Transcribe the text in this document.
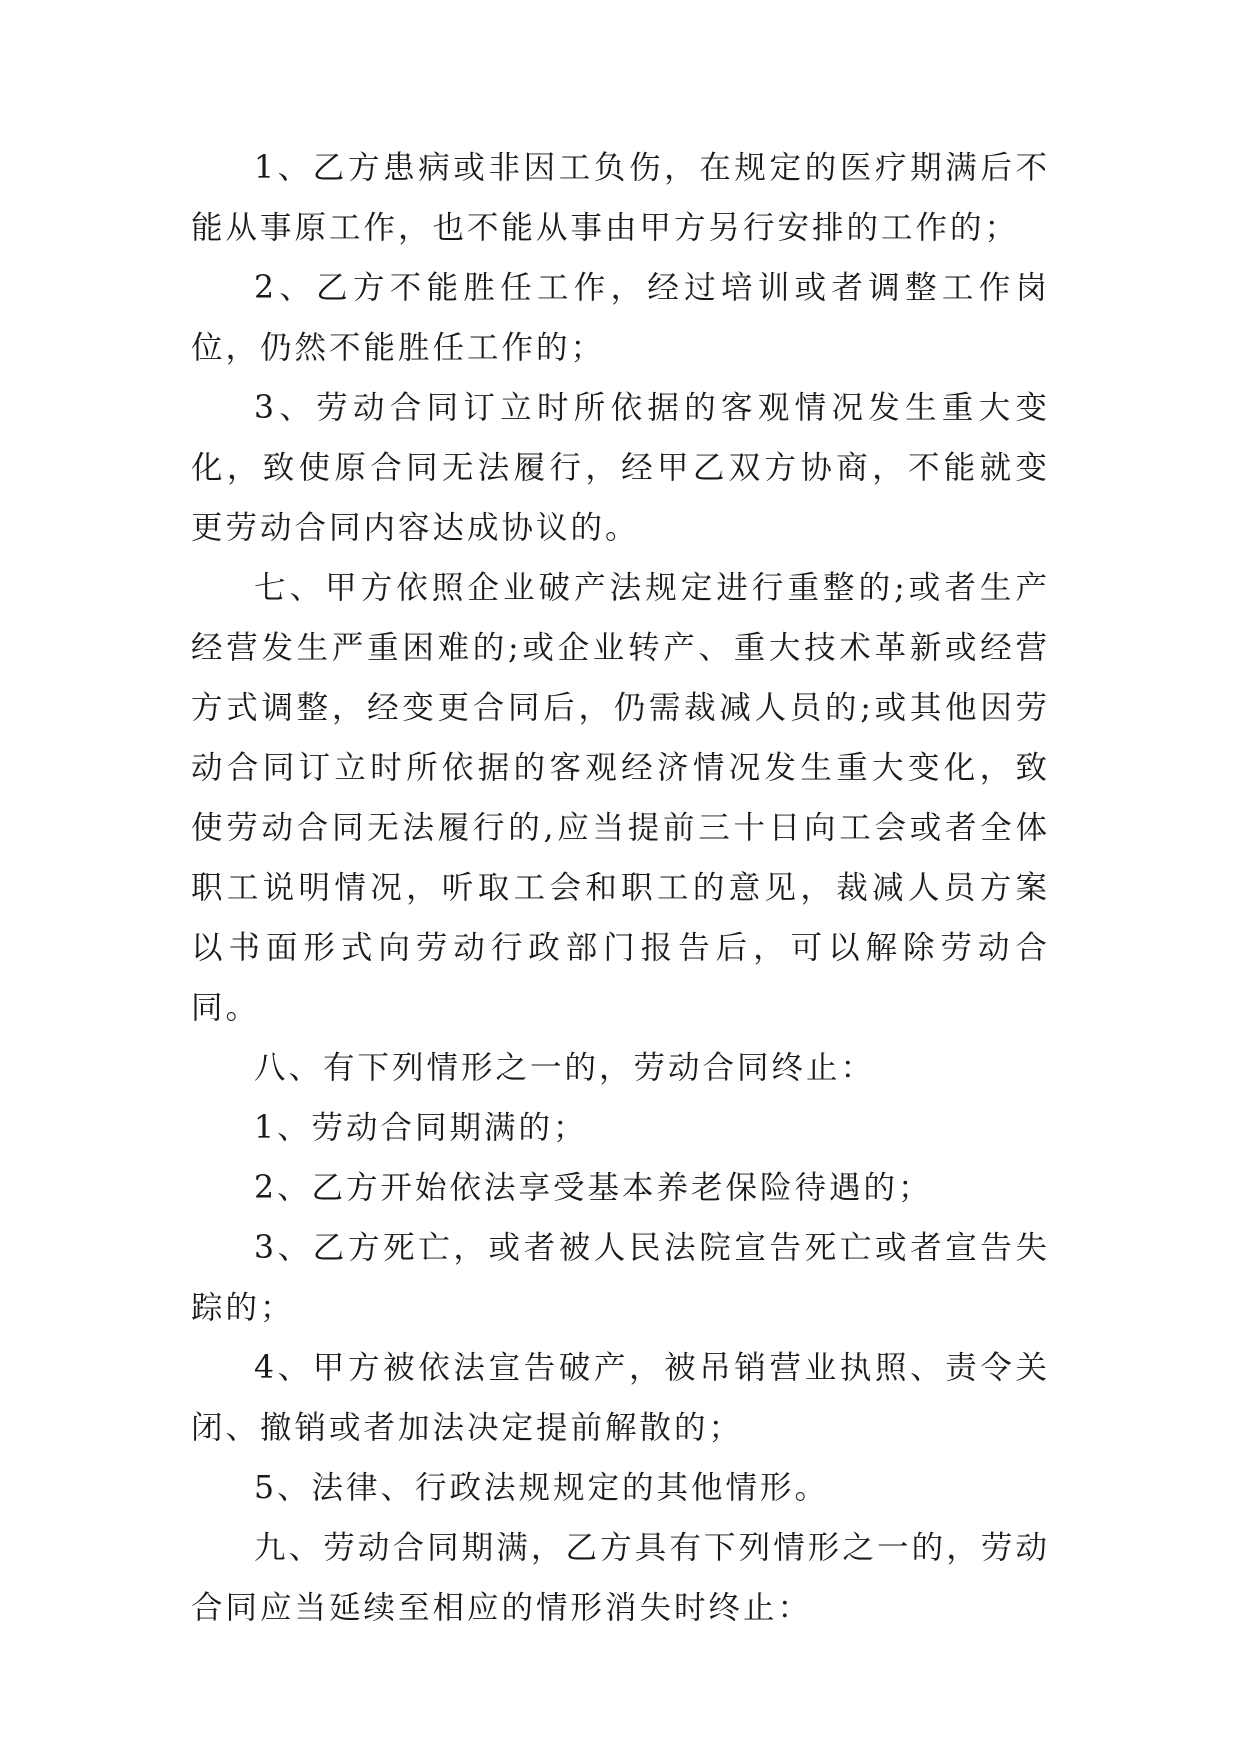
1、乙方患病或非因工负伤，在规定的医疗期满后不能从事原工作，也不能从事由甲方另行安排的工作的；

2、乙方不能胜任工作，经过培训或者调整工作岗位，仍然不能胜任工作的；

3、劳动合同订立时所依据的客观情况发生重大变化，致使原合同无法履行，经甲乙双方协商，不能就变更劳动合同内容达成协议的。

七、甲方依照企业破产法规定进行重整的;或者生产经营发生严重困难的;或企业转产、重大技术革新或经营方式调整，经变更合同后，仍需裁减人员的;或其他因劳动合同订立时所依据的客观经济情况发生重大变化，致使劳动合同无法履行的,应当提前三十日向工会或者全体职工说明情况，听取工会和职工的意见，裁减人员方案以书面形式向劳动行政部门报告后，可以解除劳动合同。

八、有下列情形之一的，劳动合同终止：

1、劳动合同期满的；

2、乙方开始依法享受基本养老保险待遇的；

3、乙方死亡，或者被人民法院宣告死亡或者宣告失踪的；

4、甲方被依法宣告破产，被吊销营业执照、责令关闭、撤销或者加法决定提前解散的；

5、法律、行政法规规定的其他情形。

九、劳动合同期满，乙方具有下列情形之一的，劳动合同应当延续至相应的情形消失时终止：
